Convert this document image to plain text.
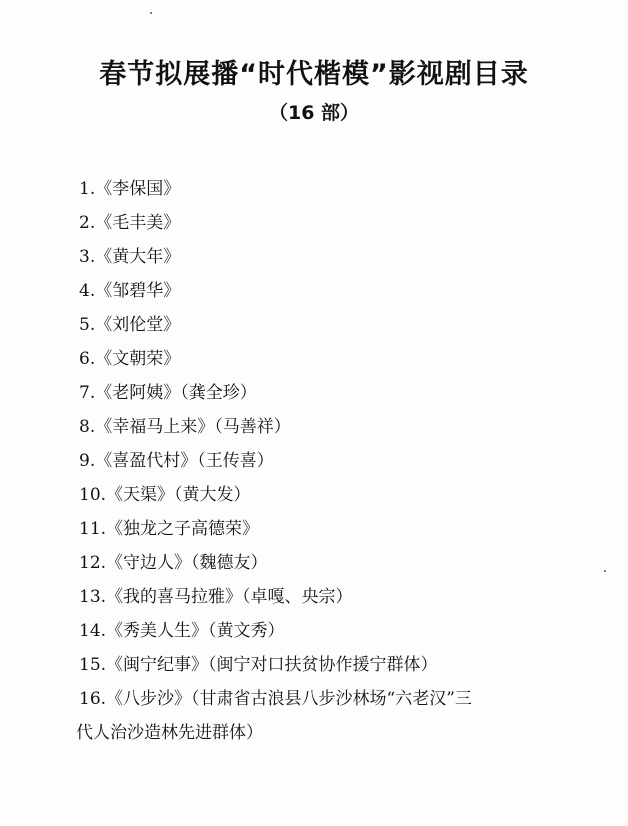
春节拟展播“时代楷模”影视剧目录
（16 部）
1.《李保国》
2.《毛丰美》
3.《黄大年》
4.《邹碧华》
5.《刘伦堂》
6.《文朝荣》
7.《老阿姨》（龚全珍）
8.《幸福马上来》（马善祥）
9.《喜盈代村》（王传喜）
10.《天渠》（黄大发）
11.《独龙之子高德荣》
12.《守边人》（魏德友）
13.《我的喜马拉雅》（卓嘎、央宗）
14.《秀美人生》（黄文秀）
15.《闽宁纪事》（闽宁对口扶贫协作援宁群体）
16.《八步沙》（甘肃省古浪县八步沙林场“六老汉”三
代人治沙造林先进群体）
